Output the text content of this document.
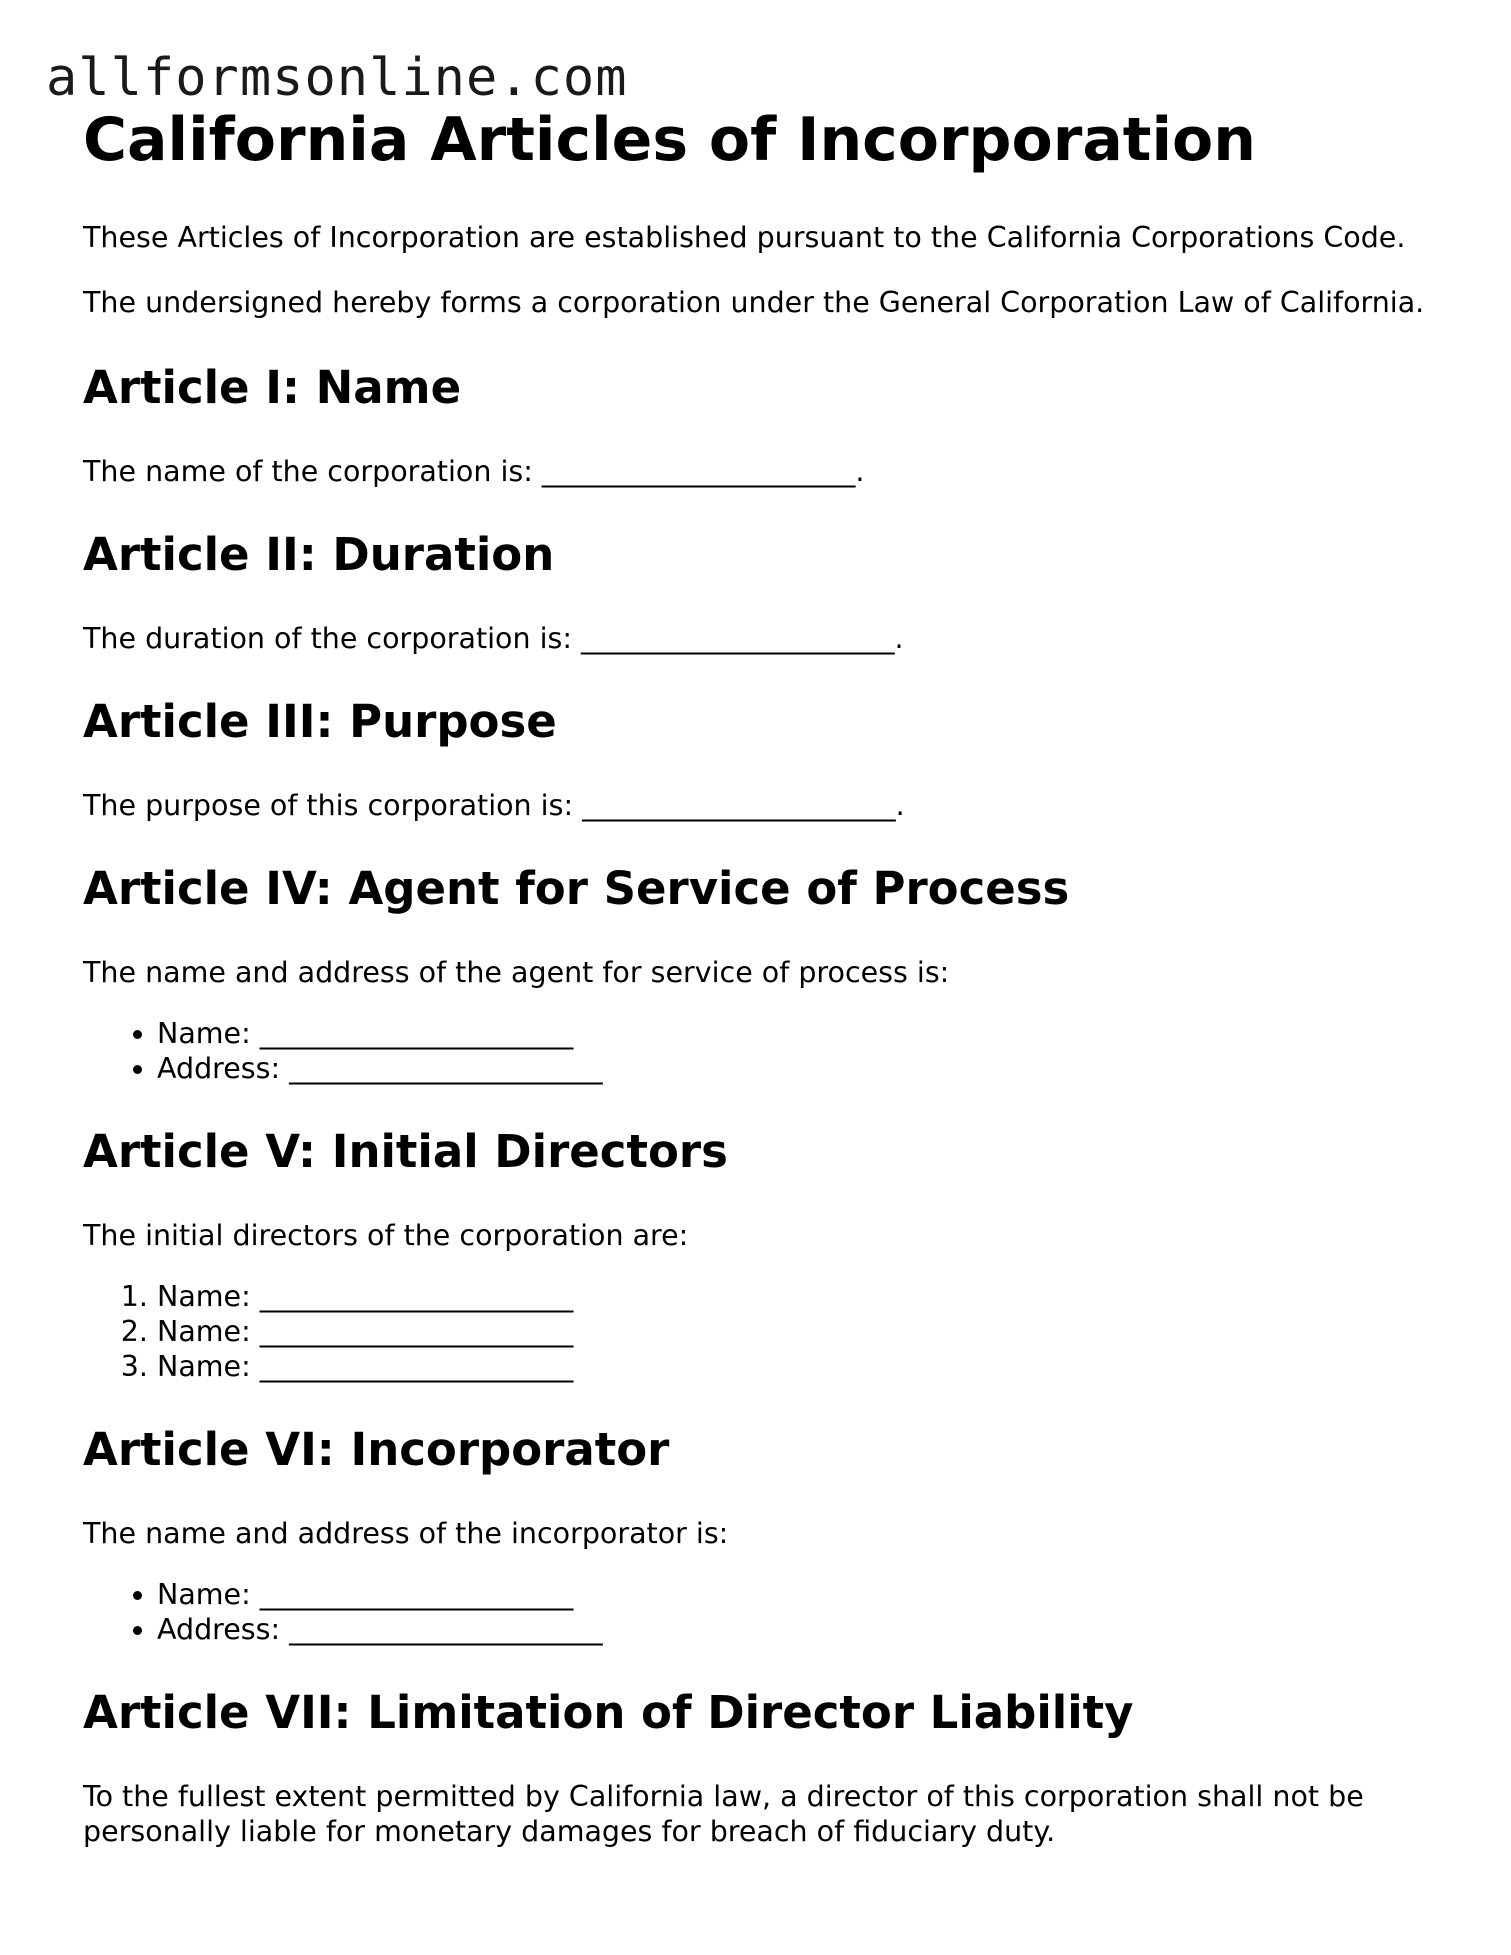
allformsonline.com
California Articles of Incorporation

These Articles of Incorporation are established pursuant to the California Corporations Code.

The undersigned hereby forms a corporation under the General Corporation Law of California.

Article I: Name

The name of the corporation is: ______________________.

Article II: Duration

The duration of the corporation is: ______________________.

Article III: Purpose

The purpose of this corporation is: ______________________.

Article IV: Agent for Service of Process

The name and address of the agent for service of process is:

• Name: ______________________
• Address: ______________________
Article V: Initial Directors

The initial directors of the corporation are:

1. Name: ______________________
2. Name: ______________________
3. Name: ______________________
Article VI: Incorporator

The name and address of the incorporator is:

• Name: ______________________
• Address: ______________________
Article VII: Limitation of Director Liability

To the fullest extent permitted by California law, a director of this corporation shall not be personally liable for monetary damages for breach of fiduciary duty.
